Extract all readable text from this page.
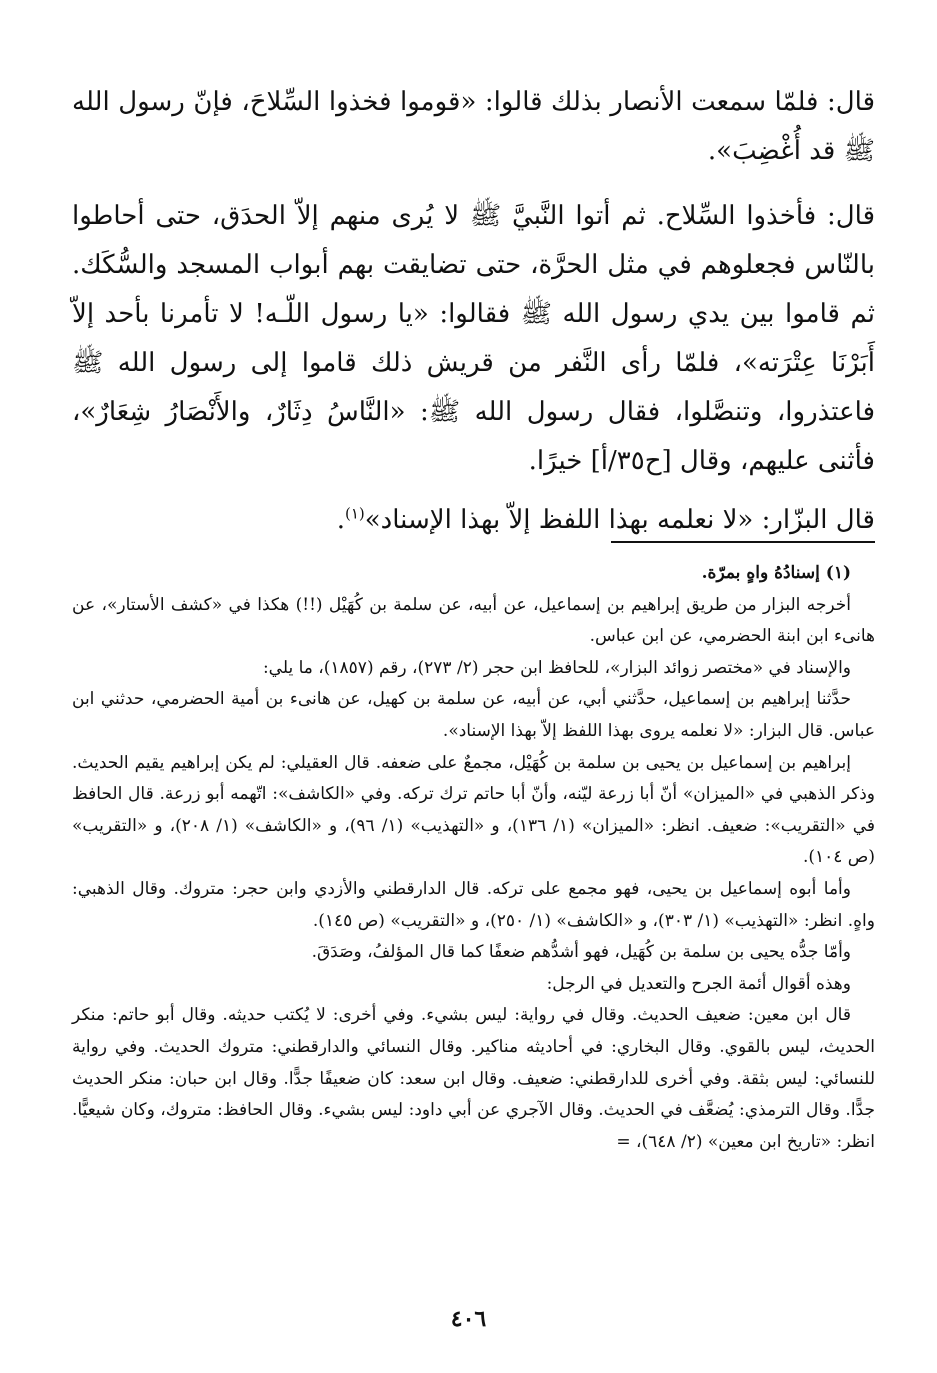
قال: فلمّا سمعت الأنصار بذلك قالوا: «قوموا فخذوا السِّلاحَ، فإنّ رسول الله ﷺ قد أُغْضِبَ».

قال: فأخذوا السِّلاح. ثم أتوا النَّبيَّ ﷺ لا يُرى منهم إلاّ الحدَق، حتى أحاطوا بالنّاس فجعلوهم في مثل الحرَّة، حتى تضايقت بهم أبواب المسجد والسُّكَك. ثم قاموا بين يدي رسول الله ﷺ فقالوا: «يا رسول اللّـه! لا تأمرنا بأحد إلاّ أَبَرْنَا عِتْرَته»، فلمّا رأى النَّفر من قريش ذلك قاموا إلى رسول الله ﷺ فاعتذروا، وتنصَّلوا، فقال رسول الله ﷺ: «النَّاسُ دِثَارٌ، والأَنْصَارُ شِعَارٌ»، فأثنى عليهم، وقال [ح٣٥/أ] خيرًا.

قال البزّار: «لا نعلمه بهذا اللفظ إلاّ بهذا الإسناد»$^{(١)}$.

(١) إسنادُهُ واهٍ بمرّة.

أخرجه البزار من طريق إبراهيم بن إسماعيل، عن أبيه، عن سلمة بن كُهَيْل (!!) هكذا في «كشف الأستار»، عن هانىء ابن ابنة الحضرمي، عن ابن عباس.

والإسناد في «مختصر زوائد البزار»، للحافظ ابن حجر (٢/ ٢٧٣)، رقم (١٨٥٧)، ما يلي:

حدَّثنا إبراهيم بن إسماعيل، حدَّثني أبي، عن أبيه، عن سلمة بن كهيل، عن هانىء بن أمية الحضرمي، حدثني ابن عباس. قال البزار: «لا نعلمه يروى بهذا اللفظ إلاّ بهذا الإسناد».

إبراهيم بن إسماعيل بن يحيى بن سلمة بن كُهَيْل، مجمعٌ على ضعفه. قال العقيلي: لم يكن إبراهيم يقيم الحديث. وذكر الذهبي في «الميزان» أنّ أبا زرعة ليّنه، وأنّ أبا حاتم ترك تركه. وفي «الكاشف»: اتّهمه أبو زرعة. قال الحافظ في «التقريب»: ضعيف. انظر: «الميزان» (١/ ١٣٦)، و «التهذيب» (١/ ٩٦)، و «الكاشف» (١/ ٢٠٨)، و «التقريب» (ص ١٠٤).

وأما أبوه إسماعيل بن يحيى، فهو مجمع على تركه. قال الدارقطني والأزدي وابن حجر: متروك. وقال الذهبي: واهٍ. انظر: «التهذيب» (١/ ٣٠٣)، و «الكاشف» (١/ ٢٥٠)، و «التقريب» (ص ١٤٥).

وأمّا جدُّه يحيى بن سلمة بن كُهَيل، فهو أشدُّهم ضعفًا كما قال المؤلفُ، وصَدَقَ.

وهذه أقوال أئمة الجرح والتعديل في الرجل:

قال ابن معين: ضعيف الحديث. وقال في رواية: ليس بشيء. وفي أخرى: لا يُكتب حديثه. وقال أبو حاتم: منكر الحديث، ليس بالقوي. وقال البخاري: في أحاديثه مناكير. وقال النسائي والدارقطني: متروك الحديث. وفي رواية للنسائي: ليس بثقة. وفي أخرى للدارقطني: ضعيف. وقال ابن سعد: كان ضعيفًا جدًّا. وقال ابن حبان: منكر الحديث جدًّا. وقال الترمذي: يُضعَّف في الحديث. وقال الآجري عن أبي داود: ليس بشيء. وقال الحافظ: متروك، وكان شيعيًّا. انظر: «تاريخ ابن معين» (٢/ ٦٤٨)، =

٤٠٦
